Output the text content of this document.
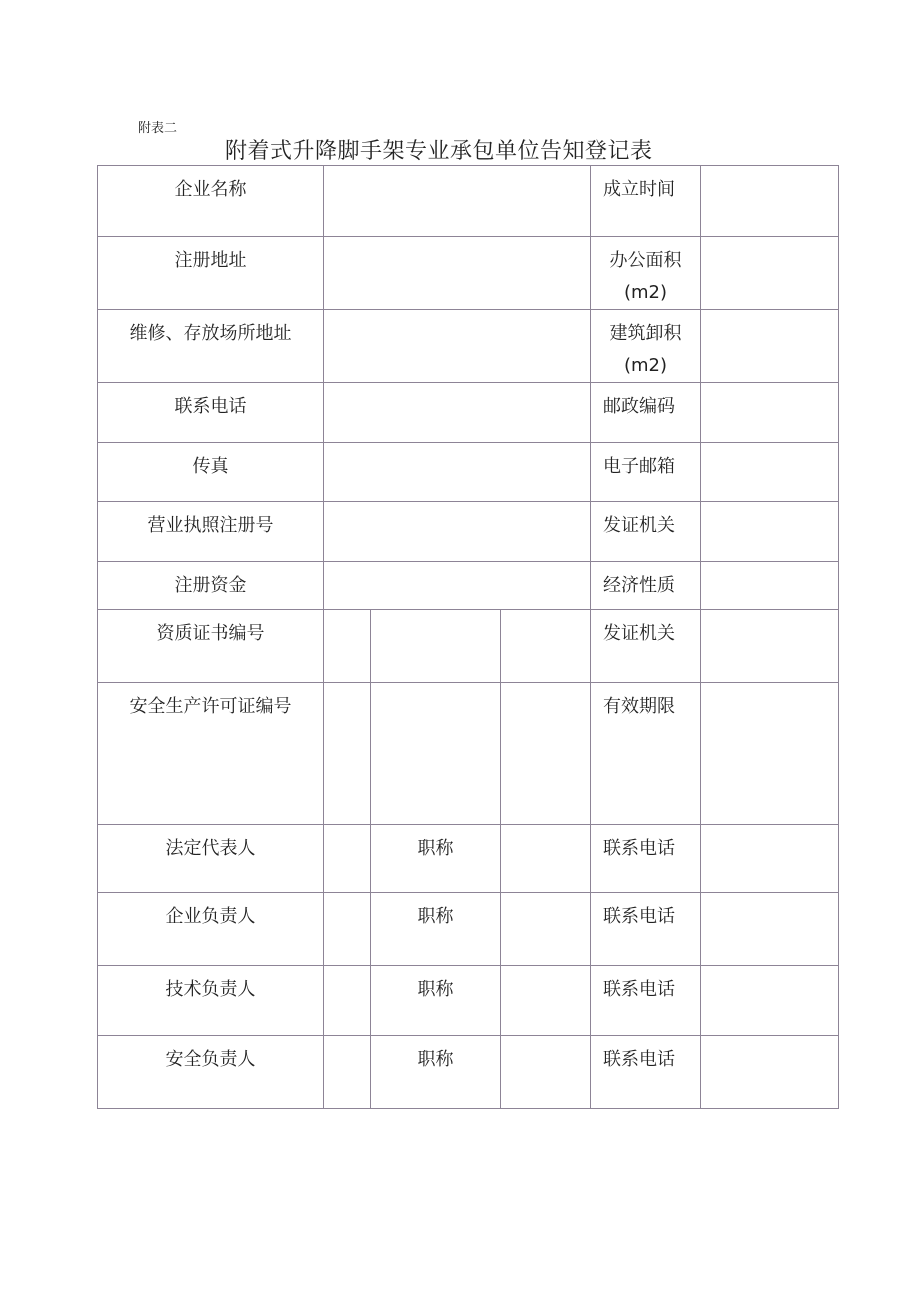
附表二
附着式升降脚手架专业承包单位告知登记表
企业名称				成立时间	
注册地址				办公面积
(m2)	
维修、存放场所地址				建筑卸积
(m2)	
联系电话				邮政编码	
传真				电子邮箱	
营业执照注册号				发证机关	
注册资金				经济性质	
资质证书编号				发证机关	
安全生产许可证编号				有效期限	
法定代表人		职称		联系电话	
企业负责人		职称		联系电话	
技术负责人		职称		联系电话	
安全负责人		职称		联系电话	
